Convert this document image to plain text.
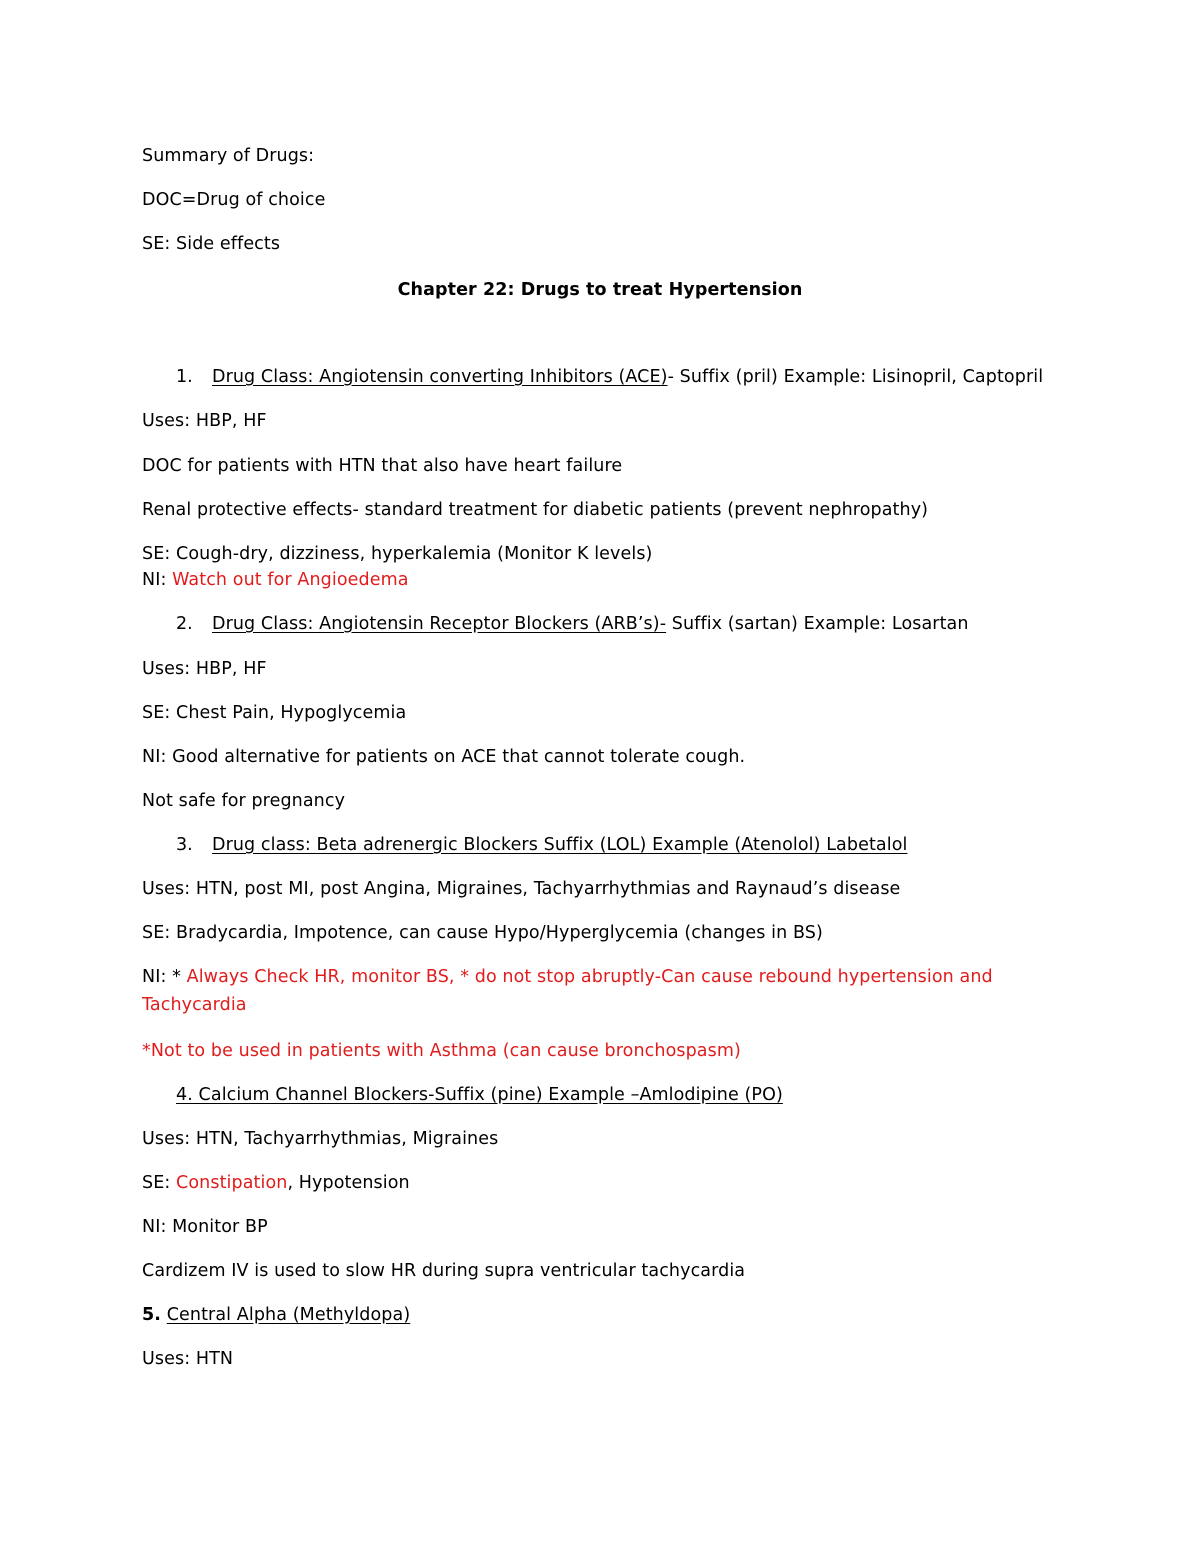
Summary of Drugs:
DOC=Drug of choice
SE: Side effects
Chapter 22: Drugs to treat Hypertension
1. Drug Class: Angiotensin converting Inhibitors (ACE)- Suffix (pril) Example: Lisinopril, Captopril
Uses: HBP, HF
DOC for patients with HTN that also have heart failure
Renal protective effects- standard treatment for diabetic patients (prevent nephropathy)
SE: Cough-dry, dizziness, hyperkalemia (Monitor K levels)
NI: Watch out for Angioedema
2. Drug Class: Angiotensin Receptor Blockers (ARB’s)- Suffix (sartan) Example: Losartan
Uses: HBP, HF
SE: Chest Pain, Hypoglycemia
NI: Good alternative for patients on ACE that cannot tolerate cough.
Not safe for pregnancy
3. Drug class: Beta adrenergic Blockers Suffix (LOL) Example (Atenolol) Labetalol
Uses: HTN, post MI, post Angina, Migraines, Tachyarrhythmias and Raynaud’s disease
SE: Bradycardia, Impotence, can cause Hypo/Hyperglycemia (changes in BS)
NI: * Always Check HR, monitor BS, * do not stop abruptly-Can cause rebound hypertension and
Tachycardia
*Not to be used in patients with Asthma (can cause bronchospasm)
4. Calcium Channel Blockers-Suffix (pine) Example –Amlodipine (PO)
Uses: HTN, Tachyarrhythmias, Migraines
SE: Constipation, Hypotension
NI: Monitor BP
Cardizem IV is used to slow HR during supra ventricular tachycardia
5. Central Alpha (Methyldopa)
Uses: HTN
